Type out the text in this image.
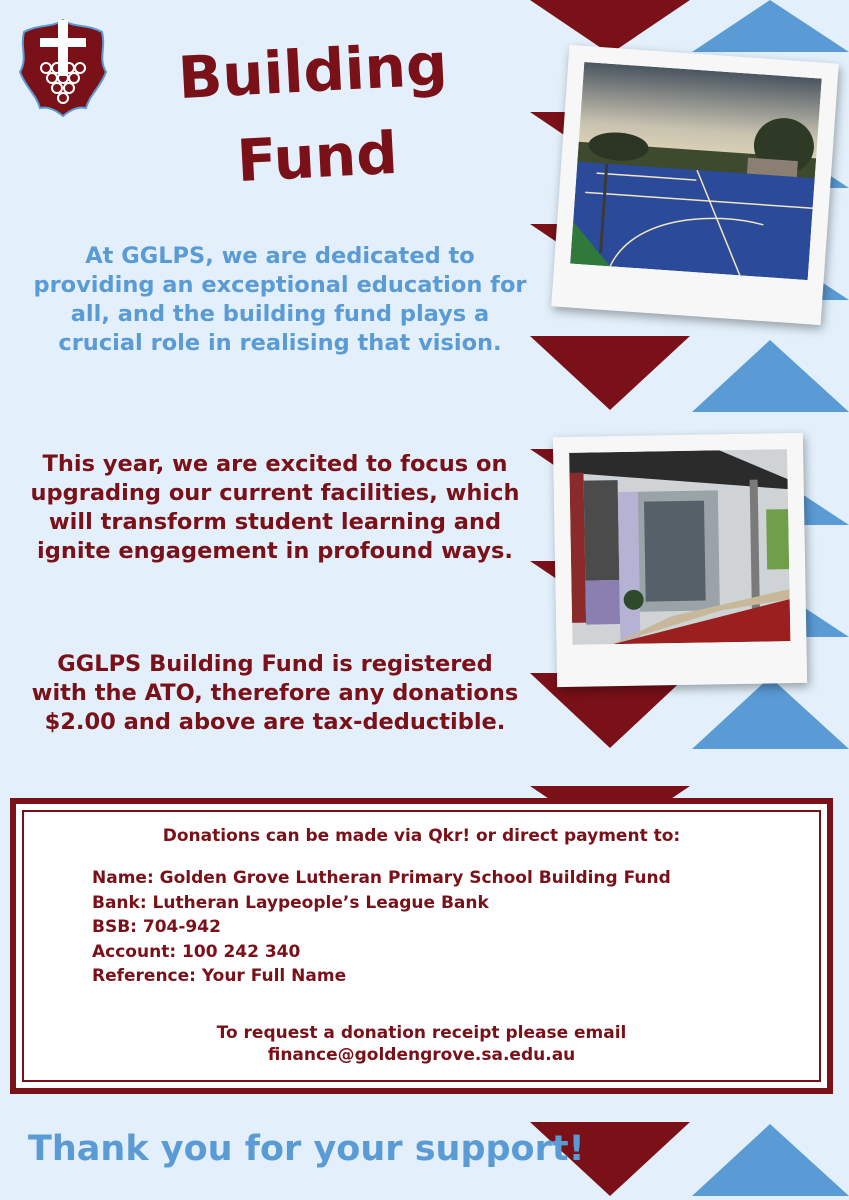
Building
Fund

At GGLPS, we are dedicated to providing an exceptional education for all, and the building fund plays a crucial role in realising that vision.

This year, we are excited to focus on upgrading our current facilities, which will transform student learning and ignite engagement in profound ways.

GGLPS Building Fund is registered with the ATO, therefore any donations $2.00 and above are tax-deductible.

Donations can be made via Qkr! or direct payment to:

Name: Golden Grove Lutheran Primary School Building Fund
Bank: Lutheran Laypeople’s League Bank
BSB: 704-942
Account: 100 242 340
Reference: Your Full Name

To request a donation receipt please email
finance@goldengrove.sa.edu.au

Thank you for your support!
